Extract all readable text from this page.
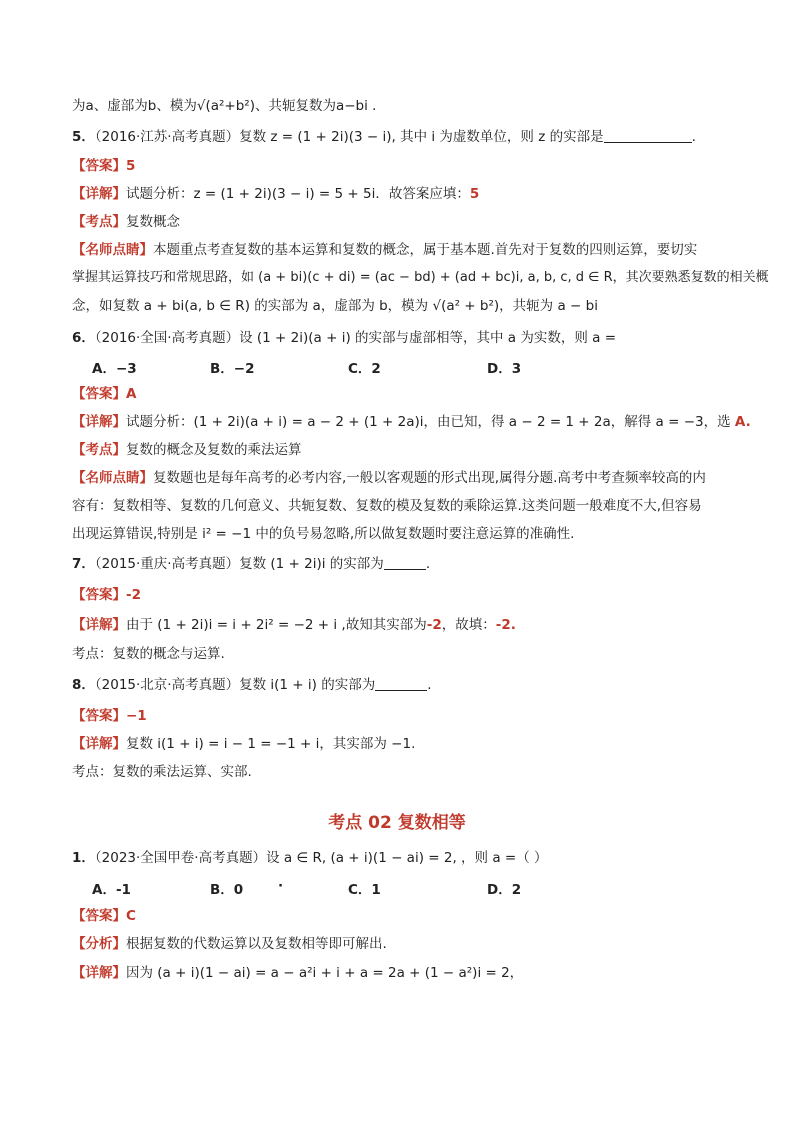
为a、虚部为b、模为√(a²+b²)、共轭复数为a−bi .
5．（2016·江苏·高考真题）复数 z = (1 + 2i)(3 − i), 其中 i 为虚数单位，则 z 的实部是	.
【答案】5
【详解】试题分析：z = (1 + 2i)(3 − i) = 5 + 5i．故答案应填：5
【考点】复数概念
【名师点睛】本题重点考查复数的基本运算和复数的概念，属于基本题.首先对于复数的四则运算，要切实
掌握其运算技巧和常规思路，如 (a + bi)(c + di) = (ac − bd) + (ad + bc)i, a, b, c, d ∈ R，其次要熟悉复数的相关概
念，如复数 a + bi(a, b ∈ R) 的实部为 a，虚部为 b，模为 √(a² + b²)，共轭为 a − bi
6．（2016·全国·高考真题）设 (1 + 2i)(a + i) 的实部与虚部相等，其中 a 为实数，则 a =
A．−3	B．−2	C．2	D．3
【答案】A
【详解】试题分析：(1 + 2i)(a + i) = a − 2 + (1 + 2a)i，由已知，得 a − 2 = 1 + 2a，解得 a = −3，选 A.
【考点】复数的概念及复数的乘法运算
【名师点睛】复数题也是每年高考的必考内容,一般以客观题的形式出现,属得分题.高考中考查频率较高的内
容有：复数相等、复数的几何意义、共轭复数、复数的模及复数的乘除运算.这类问题一般难度不大,但容易
出现运算错误,特别是 i² = −1 中的负号易忽略,所以做复数题时要注意运算的准确性.
7．（2015·重庆·高考真题）复数 (1 + 2i)i 的实部为	.
【答案】-2
【详解】由于 (1 + 2i)i = i + 2i² = −2 + i ,故知其实部为-2，故填：-2.
考点：复数的概念与运算.
8．（2015·北京·高考真题）复数 i(1 + i) 的实部为	.
【答案】−1
【详解】复数 i(1 + i) = i − 1 = −1 + i，其实部为 −1.
考点：复数的乘法运算、实部.
考点 02 复数相等
1．（2023·全国甲卷·高考真题）设 a ∈ R, (a + i)(1 − ai) = 2, ，则 a =（ ）
A．-1	B．0	·	C．1	D．2
【答案】C
【分析】根据复数的代数运算以及复数相等即可解出.
【详解】因为 (a + i)(1 − ai) = a − a²i + i + a = 2a + (1 − a²)i = 2，
